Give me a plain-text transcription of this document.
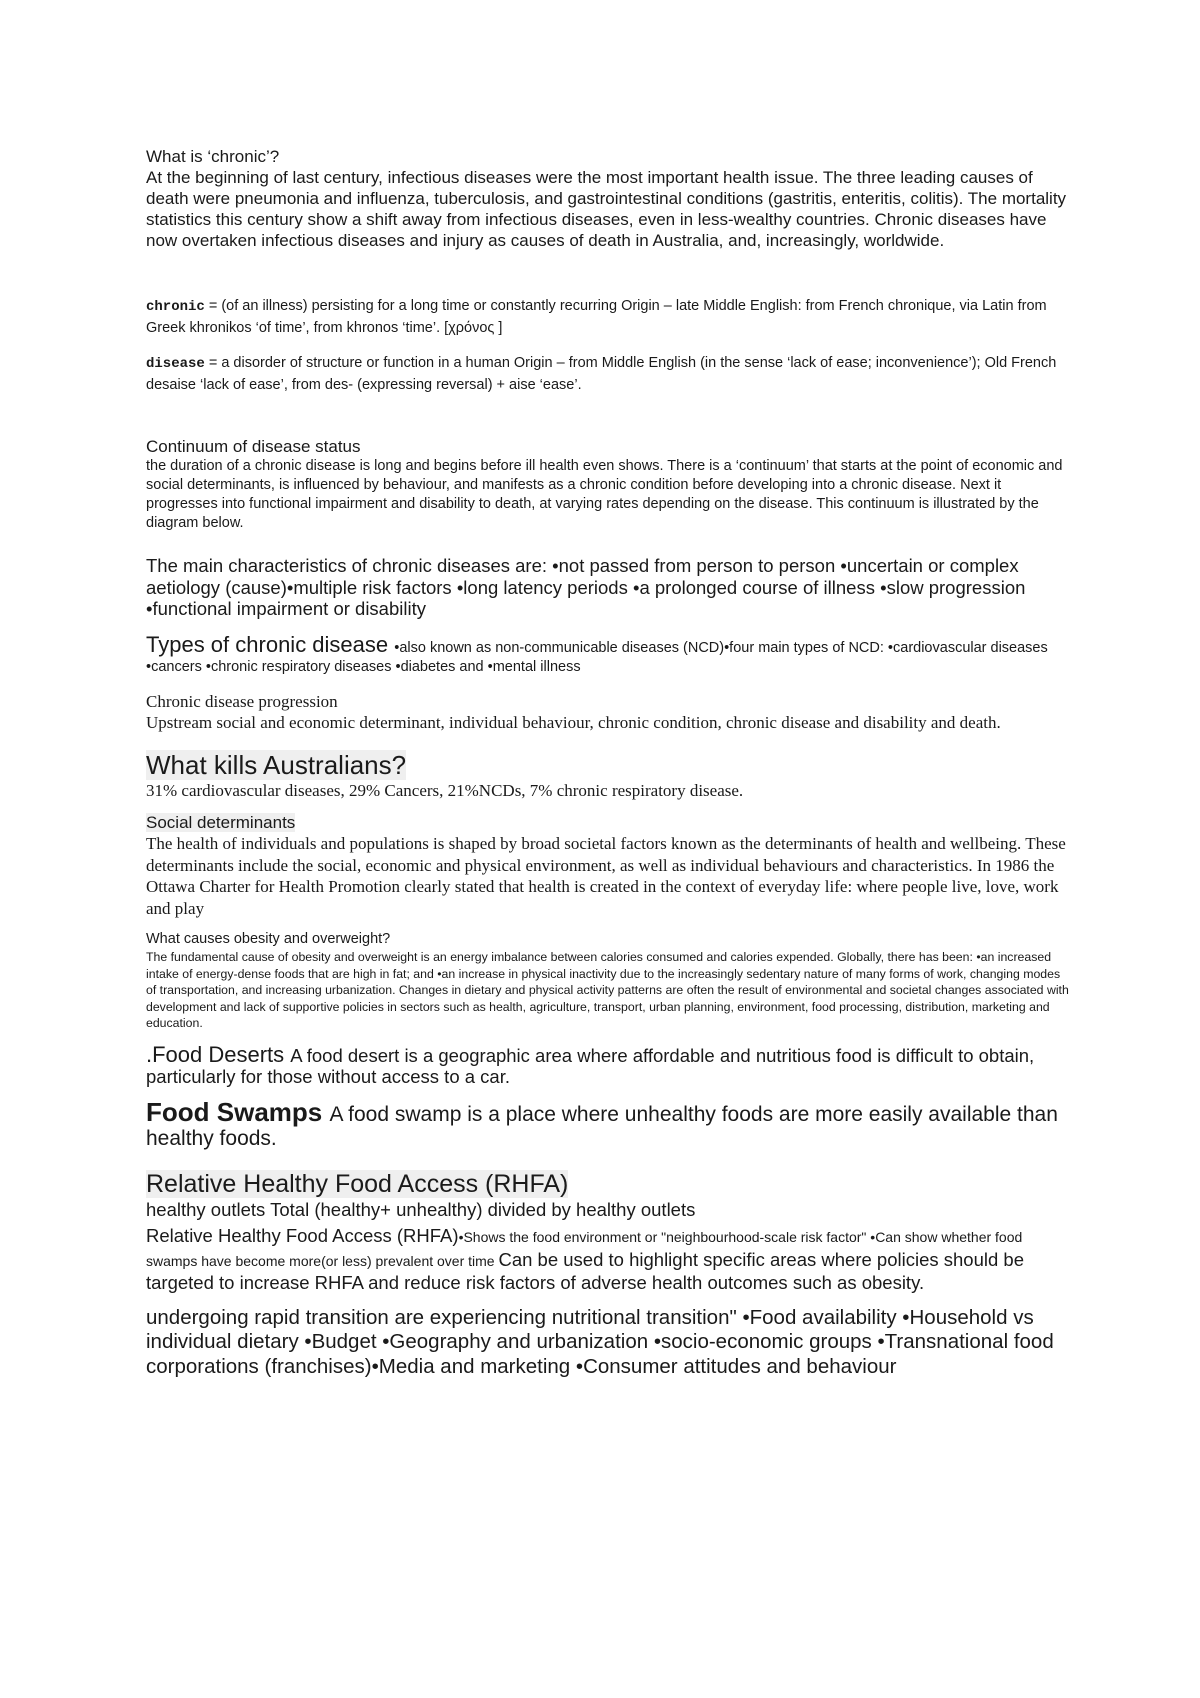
What is ‘chronic’?
At the beginning of last century, infectious diseases were the most important health issue. The three leading causes of death were pneumonia and influenza, tuberculosis, and gastrointestinal conditions (gastritis, enteritis, colitis). The mortality statistics this century show a shift away from infectious diseases, even in less-wealthy countries. Chronic diseases have now overtaken infectious diseases and injury as causes of death in Australia, and, increasingly, worldwide.
chronic = (of an illness) persisting for a long time or constantly recurring Origin – late Middle English: from French chronique, via Latin from Greek khronikos ‘of time’, from khronos ‘time’. [χρόνος ]
disease = a disorder of structure or function in a human Origin – from Middle English (in the sense ‘lack of ease; inconvenience’); Old French desaise ‘lack of ease’, from des- (expressing reversal) + aise ‘ease’.
Continuum of disease status
the duration of a chronic disease is long and begins before ill health even shows. There is a ‘continuum’ that starts at the point of economic and social determinants, is influenced by behaviour, and manifests as a chronic condition before developing into a chronic disease. Next it progresses into functional impairment and disability to death, at varying rates depending on the disease. This continuum is illustrated by the diagram below.
The main characteristics of chronic diseases are: •not passed from person to person •uncertain or complex aetiology (cause)•multiple risk factors •long latency periods •a prolonged course of illness •slow progression •functional impairment or disability
Types of chronic disease •also known as non-communicable diseases (NCD)•four main types of NCD: •cardiovascular diseases •cancers •chronic respiratory diseases •diabetes and •mental illness
Chronic disease progression
Upstream social and economic determinant, individual behaviour, chronic condition, chronic disease and disability and death.
What kills Australians?
31% cardiovascular diseases, 29% Cancers, 21%NCDs, 7% chronic respiratory disease.
Social determinants
The health of individuals and populations is shaped by broad societal factors known as the determinants of health and wellbeing. These determinants include the social, economic and physical environment, as well as individual behaviours and characteristics. In 1986 the Ottawa Charter for Health Promotion clearly stated that health is created in the context of everyday life: where people live, love, work and play
What causes obesity and overweight?
The fundamental cause of obesity and overweight is an energy imbalance between calories consumed and calories expended. Globally, there has been: •an increased intake of energy-dense foods that are high in fat; and •an increase in physical inactivity due to the increasingly sedentary nature of many forms of work, changing modes of transportation, and increasing urbanization. Changes in dietary and physical activity patterns are often the result of environmental and societal changes associated with development and lack of supportive policies in sectors such as health, agriculture, transport, urban planning, environment, food processing, distribution, marketing and education.
.Food Deserts A food desert is a geographic area where affordable and nutritious food is difficult to obtain, particularly for those without access to a car.
Food Swamps A food swamp is a place where unhealthy foods are more easily available than healthy foods.
Relative Healthy Food Access (RHFA)
healthy outlets Total (healthy+ unhealthy) divided by healthy outlets
Relative Healthy Food Access (RHFA)•Shows the food environment or "neighbourhood-scale risk factor" •Can show whether food swamps have become more(or less) prevalent over time Can be used to highlight specific areas where policies should be targeted to increase RHFA and reduce risk factors of adverse health outcomes such as obesity.
undergoing rapid transition are experiencing nutritional transition" •Food availability •Household vs individual dietary •Budget •Geography and urbanization •socio-economic groups •Transnational food corporations (franchises)•Media and marketing •Consumer attitudes and behaviour
